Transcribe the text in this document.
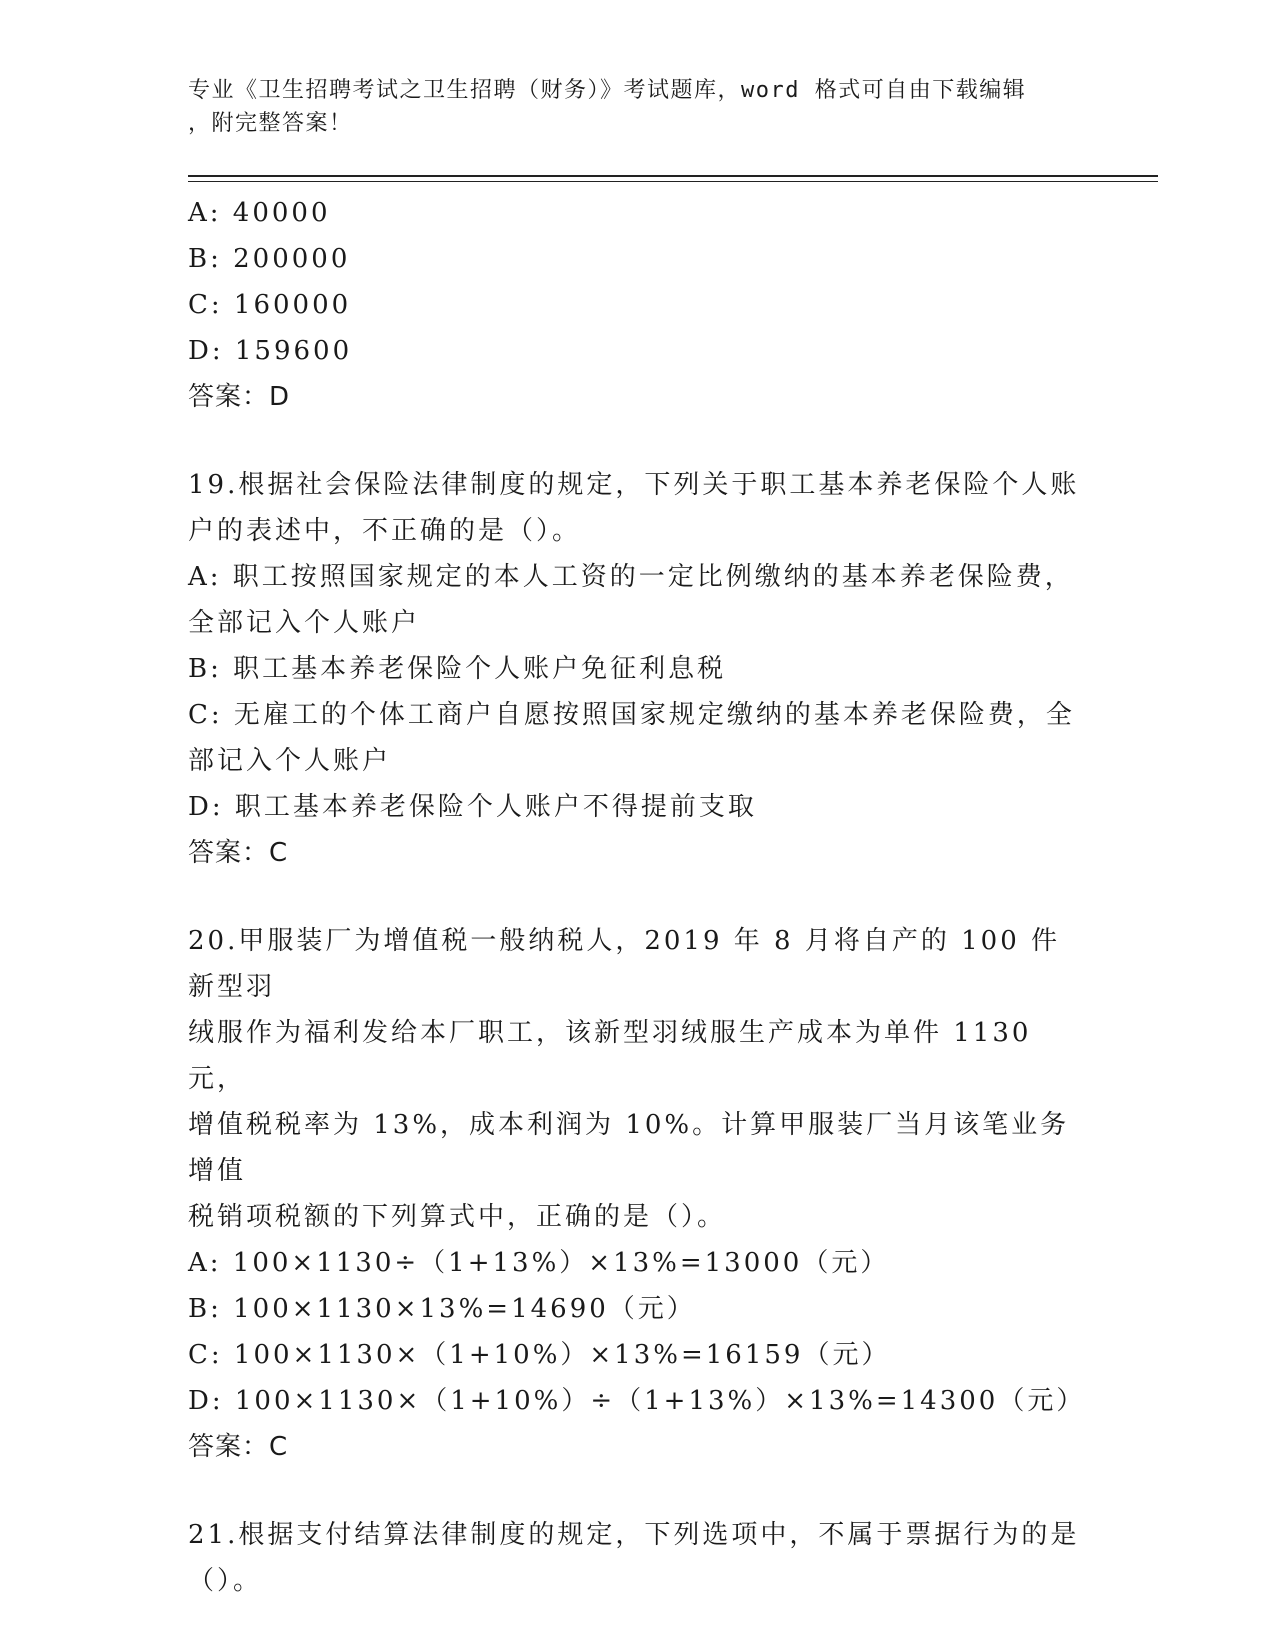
专业《卫生招聘考试之卫生招聘（财务）》考试题库，word 格式可自由下载编辑
，附完整答案！
A: 40000
B: 200000
C: 160000
D: 159600
答案：D
19.根据社会保险法律制度的规定，下列关于职工基本养老保险个人账
户的表述中，不正确的是（）。
A: 职工按照国家规定的本人工资的一定比例缴纳的基本养老保险费，
全部记入个人账户
B: 职工基本养老保险个人账户免征利息税
C: 无雇工的个体工商户自愿按照国家规定缴纳的基本养老保险费，全
部记入个人账户
D: 职工基本养老保险个人账户不得提前支取
答案：C
20.甲服装厂为增值税一般纳税人，2019 年 8 月将自产的 100 件新型羽
绒服作为福利发给本厂职工，该新型羽绒服生产成本为单件 1130 元，
增值税税率为 13%，成本利润为 10%。计算甲服装厂当月该笔业务增值
税销项税额的下列算式中，正确的是（）。
A: 100×1130÷（1+13%）×13%=13000（元）
B: 100×1130×13%=14690（元）
C: 100×1130×（1+10%）×13%=16159（元）
D: 100×1130×（1+10%）÷（1+13%）×13%=14300（元）
答案：C
21.根据支付结算法律制度的规定，下列选项中，不属于票据行为的是
（）。
